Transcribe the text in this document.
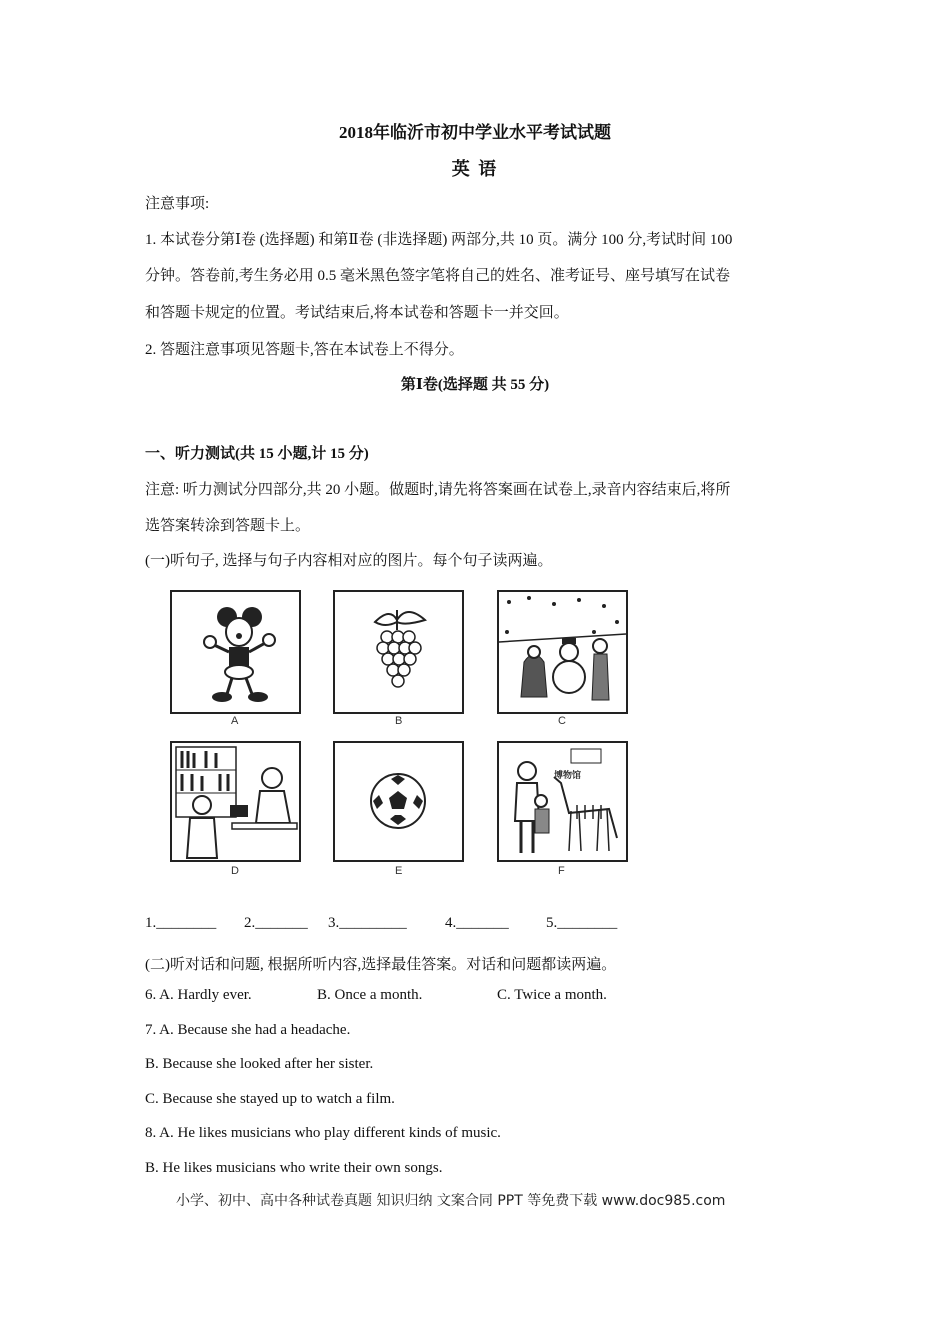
2018年临沂市初中学业水平考试试题
英 语
注意事项:
1. 本试卷分第Ⅰ卷 (选择题) 和第Ⅱ卷 (非选择题) 两部分,共 10 页。满分 100 分,考试时间 100
分钟。答卷前,考生务必用 0.5 毫米黑色签字笔将自己的姓名、准考证号、座号填写在试卷
和答题卡规定的位置。考试结束后,将本试卷和答题卡一并交回。
2. 答题注意事项见答题卡,答在本试卷上不得分。
第Ⅰ卷(选择题 共 55 分)
一、听力测试(共 15 小题,计 15 分)
注意: 听力测试分四部分,共 20 小题。做题时,请先将答案画在试卷上,录音内容结束后,将所
选答案转涂到答题卡上。
(一)听句子, 选择与句子内容相对应的图片。每个句子读两遍。
A	B	C
D	E
博物馆
F
1.________ 2._______ 3._________	4._______ 5.________
(二)听对话和问题, 根据所听内容,选择最佳答案。对话和问题都读两遍。
6. A. Hardly ever.	B. Once a month.	C. Twice a month.
7. A. Because she had a headache.
B. Because she looked after her sister.
C. Because she stayed up to watch a film.
8. A. He likes musicians who play different kinds of music.
B. He likes musicians who write their own songs.
小学、初中、高中各种试卷真题 知识归纳 文案合同 PPT 等免费下载 www.doc985.com
